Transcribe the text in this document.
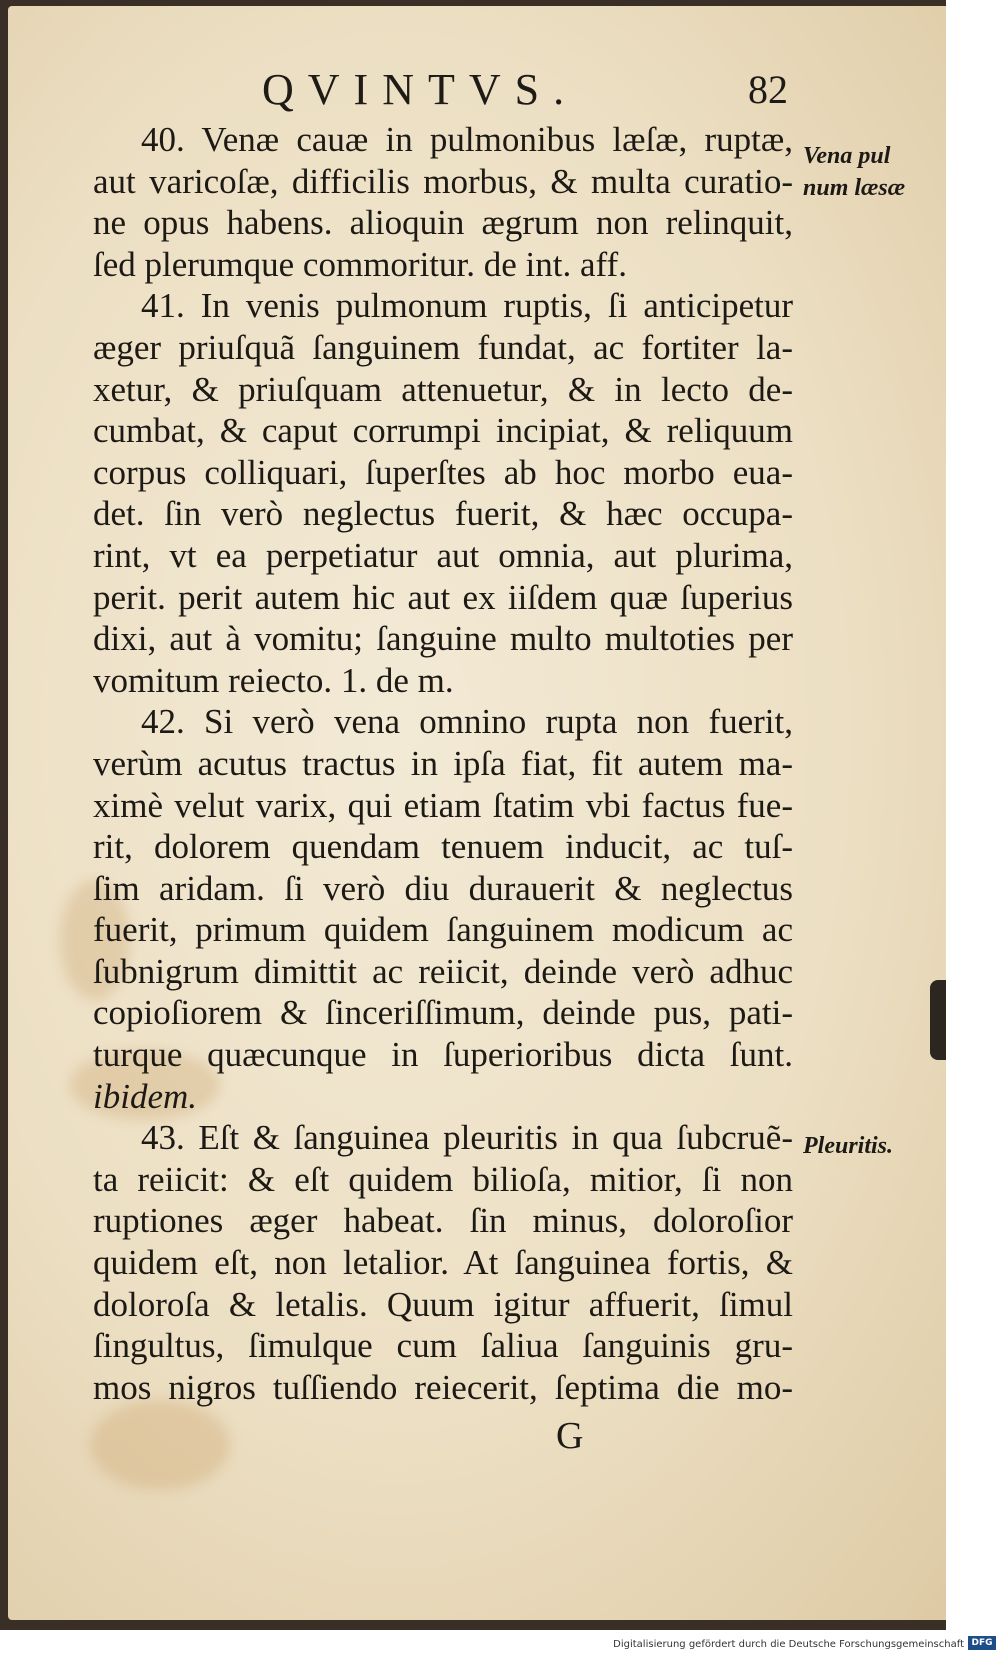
QVINTVS.	82
40. Venæ cauæ in pulmonibus læſæ, ruptæ,
aut varicoſæ, difficilis morbus, & multa curatio-
ne opus habens. alioquin ægrum non relinquit,
ſed plerumque commoritur. de int. aff.
41. In venis pulmonum ruptis, ſi anticipetur
æger priuſquã ſanguinem fundat, ac fortiter la-
xetur, & priuſquam attenuetur, & in lecto de-
cumbat, & caput corrumpi incipiat, & reliquum
corpus colliquari, ſuperſtes ab hoc morbo eua-
det. ſin verò neglectus fuerit, & hæc occupa-
rint, vt ea perpetiatur aut omnia, aut plurima,
perit. perit autem hic aut ex iiſdem quæ ſuperius
dixi, aut à vomitu; ſanguine multo multoties per
vomitum reiecto. 1. de m.
42. Si verò vena omnino rupta non fuerit,
verùm acutus tractus in ipſa fiat, fit autem ma-
ximè velut varix, qui etiam ſtatim vbi factus fue-
rit, dolorem quendam tenuem inducit, ac tuſ-
ſim aridam. ſi verò diu durauerit & neglectus
fuerit, primum quidem ſanguinem modicum ac
ſubnigrum dimittit ac reiicit, deinde verò adhuc
copioſiorem & ſinceriſſimum, deinde pus, pati-
turque quæcunque in ſuperioribus dicta ſunt.
ibidem.
43. Eſt & ſanguinea pleuritis in qua ſubcruẽ-
ta reiicit: & eſt quidem bilioſa, mitior, ſi non
ruptiones æger habeat. ſin minus, doloroſior
quidem eſt, non letalior. At ſanguinea fortis, &
doloroſa & letalis. Quum igitur affuerit, ſimul
ſingultus, ſimulque cum ſaliua ſanguinis gru-
mos nigros tuſſiendo reiecerit, ſeptima die mo-
Vena pul
num læsæ
Pleuritis.
G
Digitalisierung gefördert durch die Deutsche Forschungsgemeinschaft DFG
